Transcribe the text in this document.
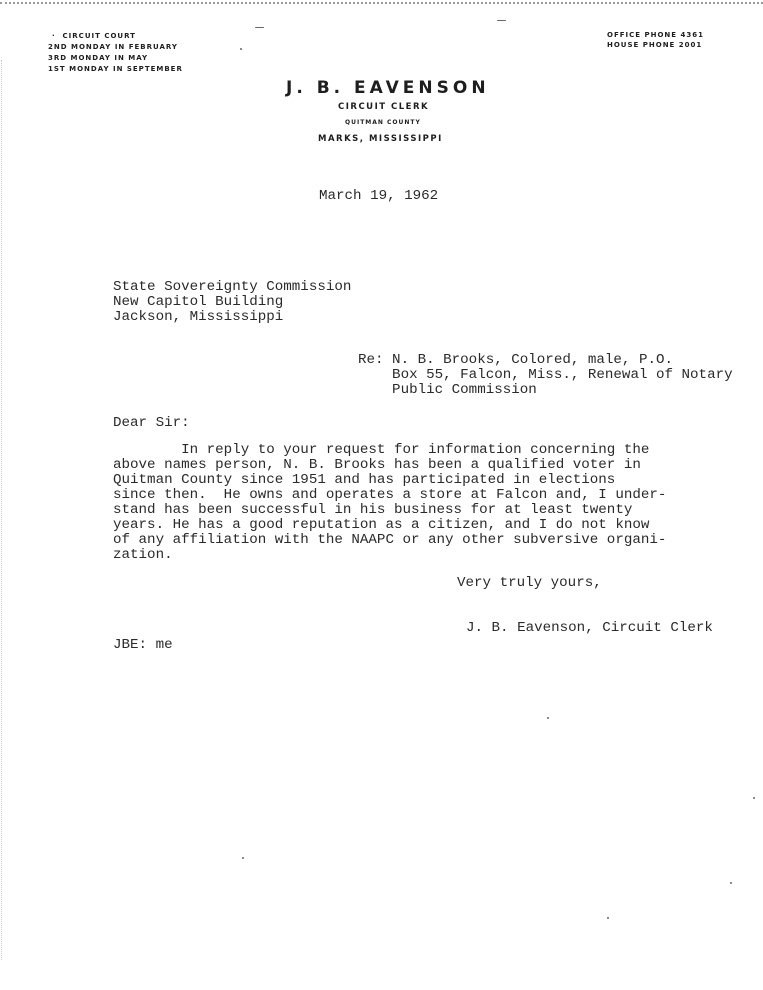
·  CIRCUIT COURT
2ND MONDAY IN FEBRUARY
3RD MONDAY IN MAY
1ST MONDAY IN SEPTEMBER
OFFICE PHONE 4361
HOUSE PHONE 2001
J. B. EAVENSON
CIRCUIT CLERK
QUITMAN COUNTY
MARKS, MISSISSIPPI
March 19, 1962
State Sovereignty Commission
New Capitol Building
Jackson, Mississippi
Re: N. B. Brooks, Colored, male, P.O.
Box 55, Falcon, Miss., Renewal of Notary
Public Commission
Dear Sir:
In reply to your request for information concerning the
above names person, N. B. Brooks has been a qualified voter in
Quitman County since 1951 and has participated in elections
since then.  He owns and operates a store at Falcon and, I under-
stand has been successful in his business for at least twenty
years. He has a good reputation as a citizen, and I do not know
of any affiliation with the NAAPC or any other subversive organi-
zation.
Very truly yours,
J. B. Eavenson, Circuit Clerk
JBE: me
